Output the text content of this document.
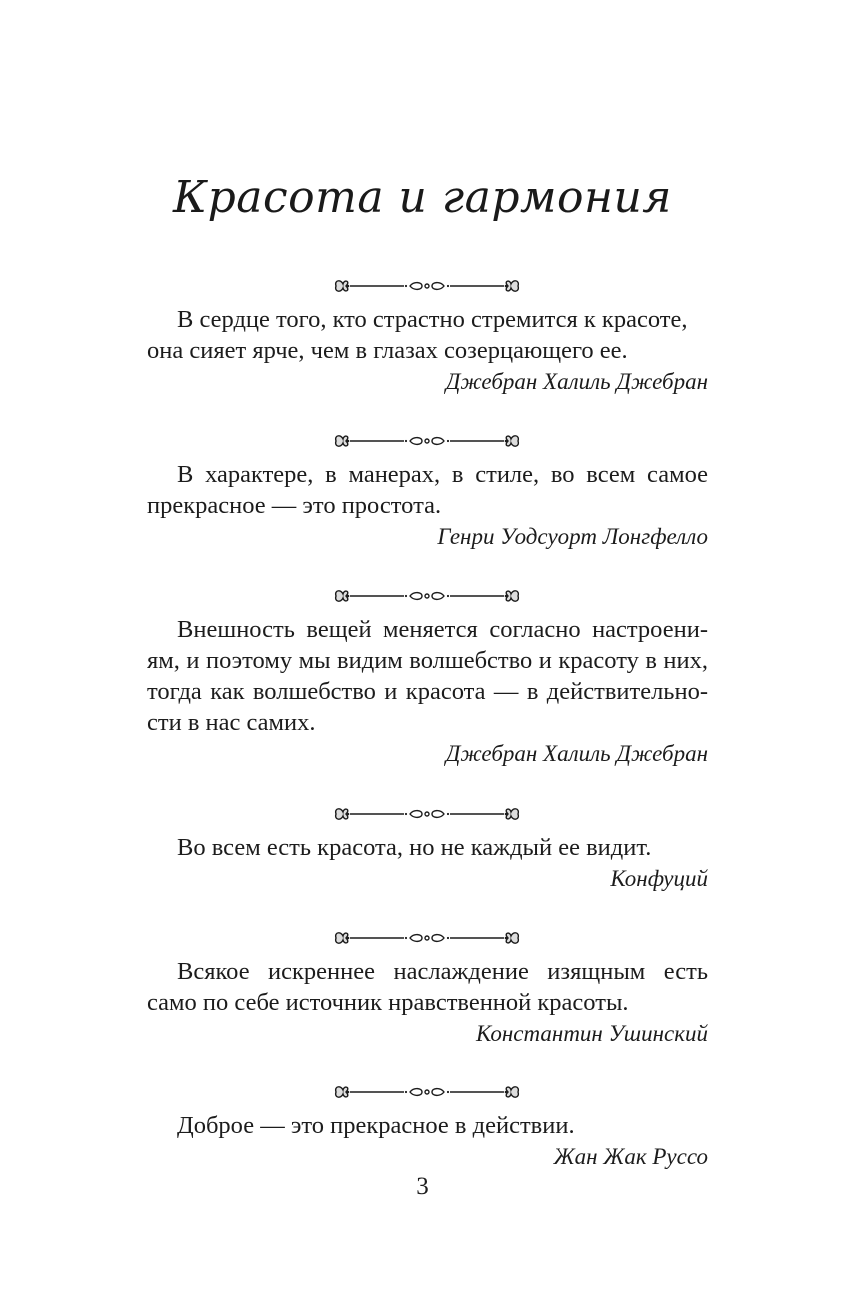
Красота и гармония

В сердце того, кто страстно стремится к красоте,
она сияет ярче, чем в глазах созерцающего ее.

Джебран Халиль Джебран

В характере, в манерах, в стиле, во всем самое
прекрасное — это простота.

Генри Уодсуорт Лонгфелло

Внешность вещей меняется согласно настроени-
ям, и поэтому мы видим волшебство и красоту в них,
тогда как волшебство и красота — в действительно-
сти в нас самих.

Джебран Халиль Джебран

Во всем есть красота, но не каждый ее видит.

Конфуций

Всякое искреннее наслаждение изящным есть
само по себе источник нравственной красоты.

Константин Ушинский

Доброе — это прекрасное в действии.

Жан Жак Руссо

3
